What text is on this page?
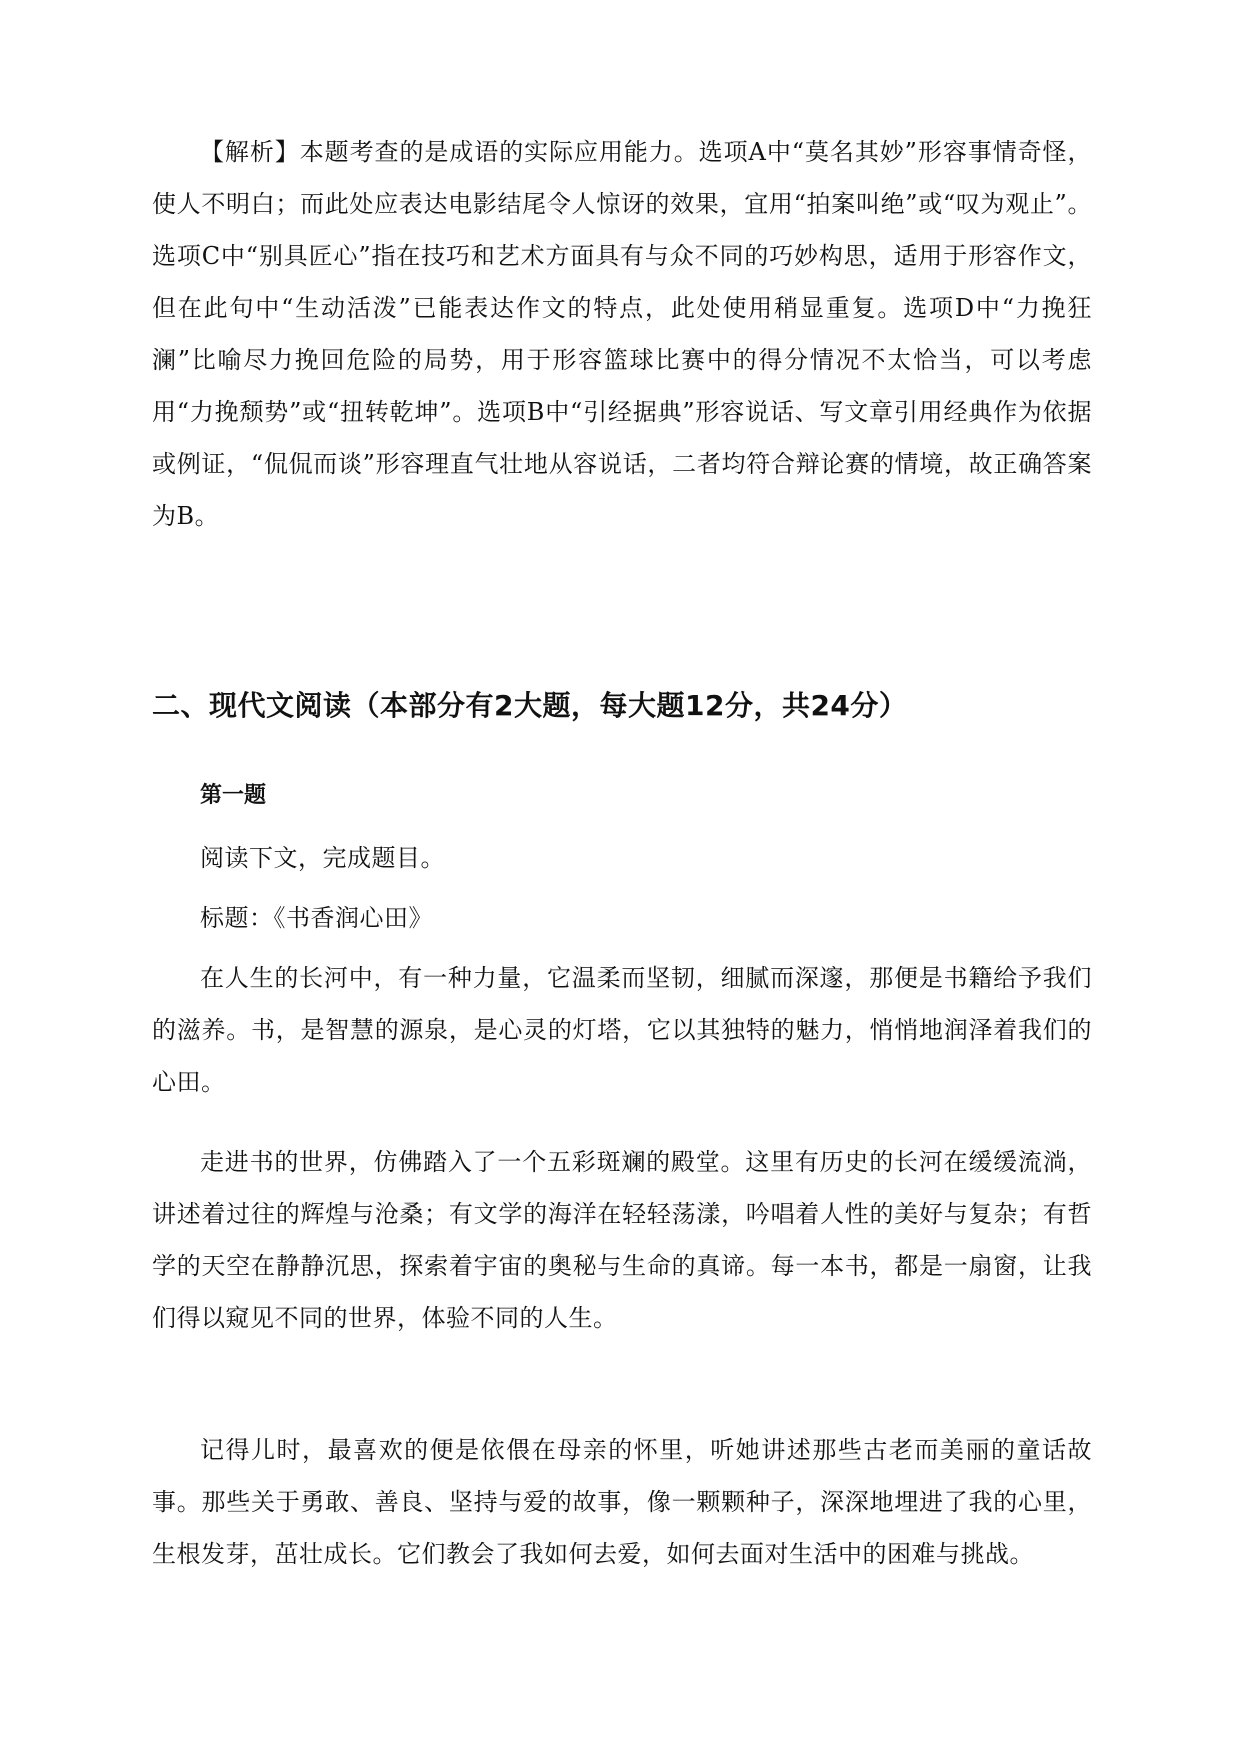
【解析】本题考查的是成语的实际应用能力。选项A中“莫名其妙”形容事情奇怪，使人不明白；而此处应表达电影结尾令人惊讶的效果，宜用“拍案叫绝”或“叹为观止”。选项C中“别具匠心”指在技巧和艺术方面具有与众不同的巧妙构思，适用于形容作文，但在此句中“生动活泼”已能表达作文的特点，此处使用稍显重复。选项D中“力挽狂澜”比喻尽力挽回危险的局势，用于形容篮球比赛中的得分情况不太恰当，可以考虑用“力挽颓势”或“扭转乾坤”。选项B中“引经据典”形容说话、写文章引用经典作为依据或例证，“侃侃而谈”形容理直气壮地从容说话，二者均符合辩论赛的情境，故正确答案为B。

二、现代文阅读（本部分有2大题，每大题12分，共24分）
第一题

阅读下文，完成题目。

标题：《书香润心田》

在人生的长河中，有一种力量，它温柔而坚韧，细腻而深邃，那便是书籍给予我们的滋养。书，是智慧的源泉，是心灵的灯塔，它以其独特的魅力，悄悄地润泽着我们的心田。

走进书的世界，仿佛踏入了一个五彩斑斓的殿堂。这里有历史的长河在缓缓流淌，讲述着过往的辉煌与沧桑；有文学的海洋在轻轻荡漾，吟唱着人性的美好与复杂；有哲学的天空在静静沉思，探索着宇宙的奥秘与生命的真谛。每一本书，都是一扇窗，让我们得以窥见不同的世界，体验不同的人生。

记得儿时，最喜欢的便是依偎在母亲的怀里，听她讲述那些古老而美丽的童话故事。那些关于勇敢、善良、坚持与爱的故事，像一颗颗种子，深深地埋进了我的心里，生根发芽，茁壮成长。它们教会了我如何去爱，如何去面对生活中的困难与挑战。
